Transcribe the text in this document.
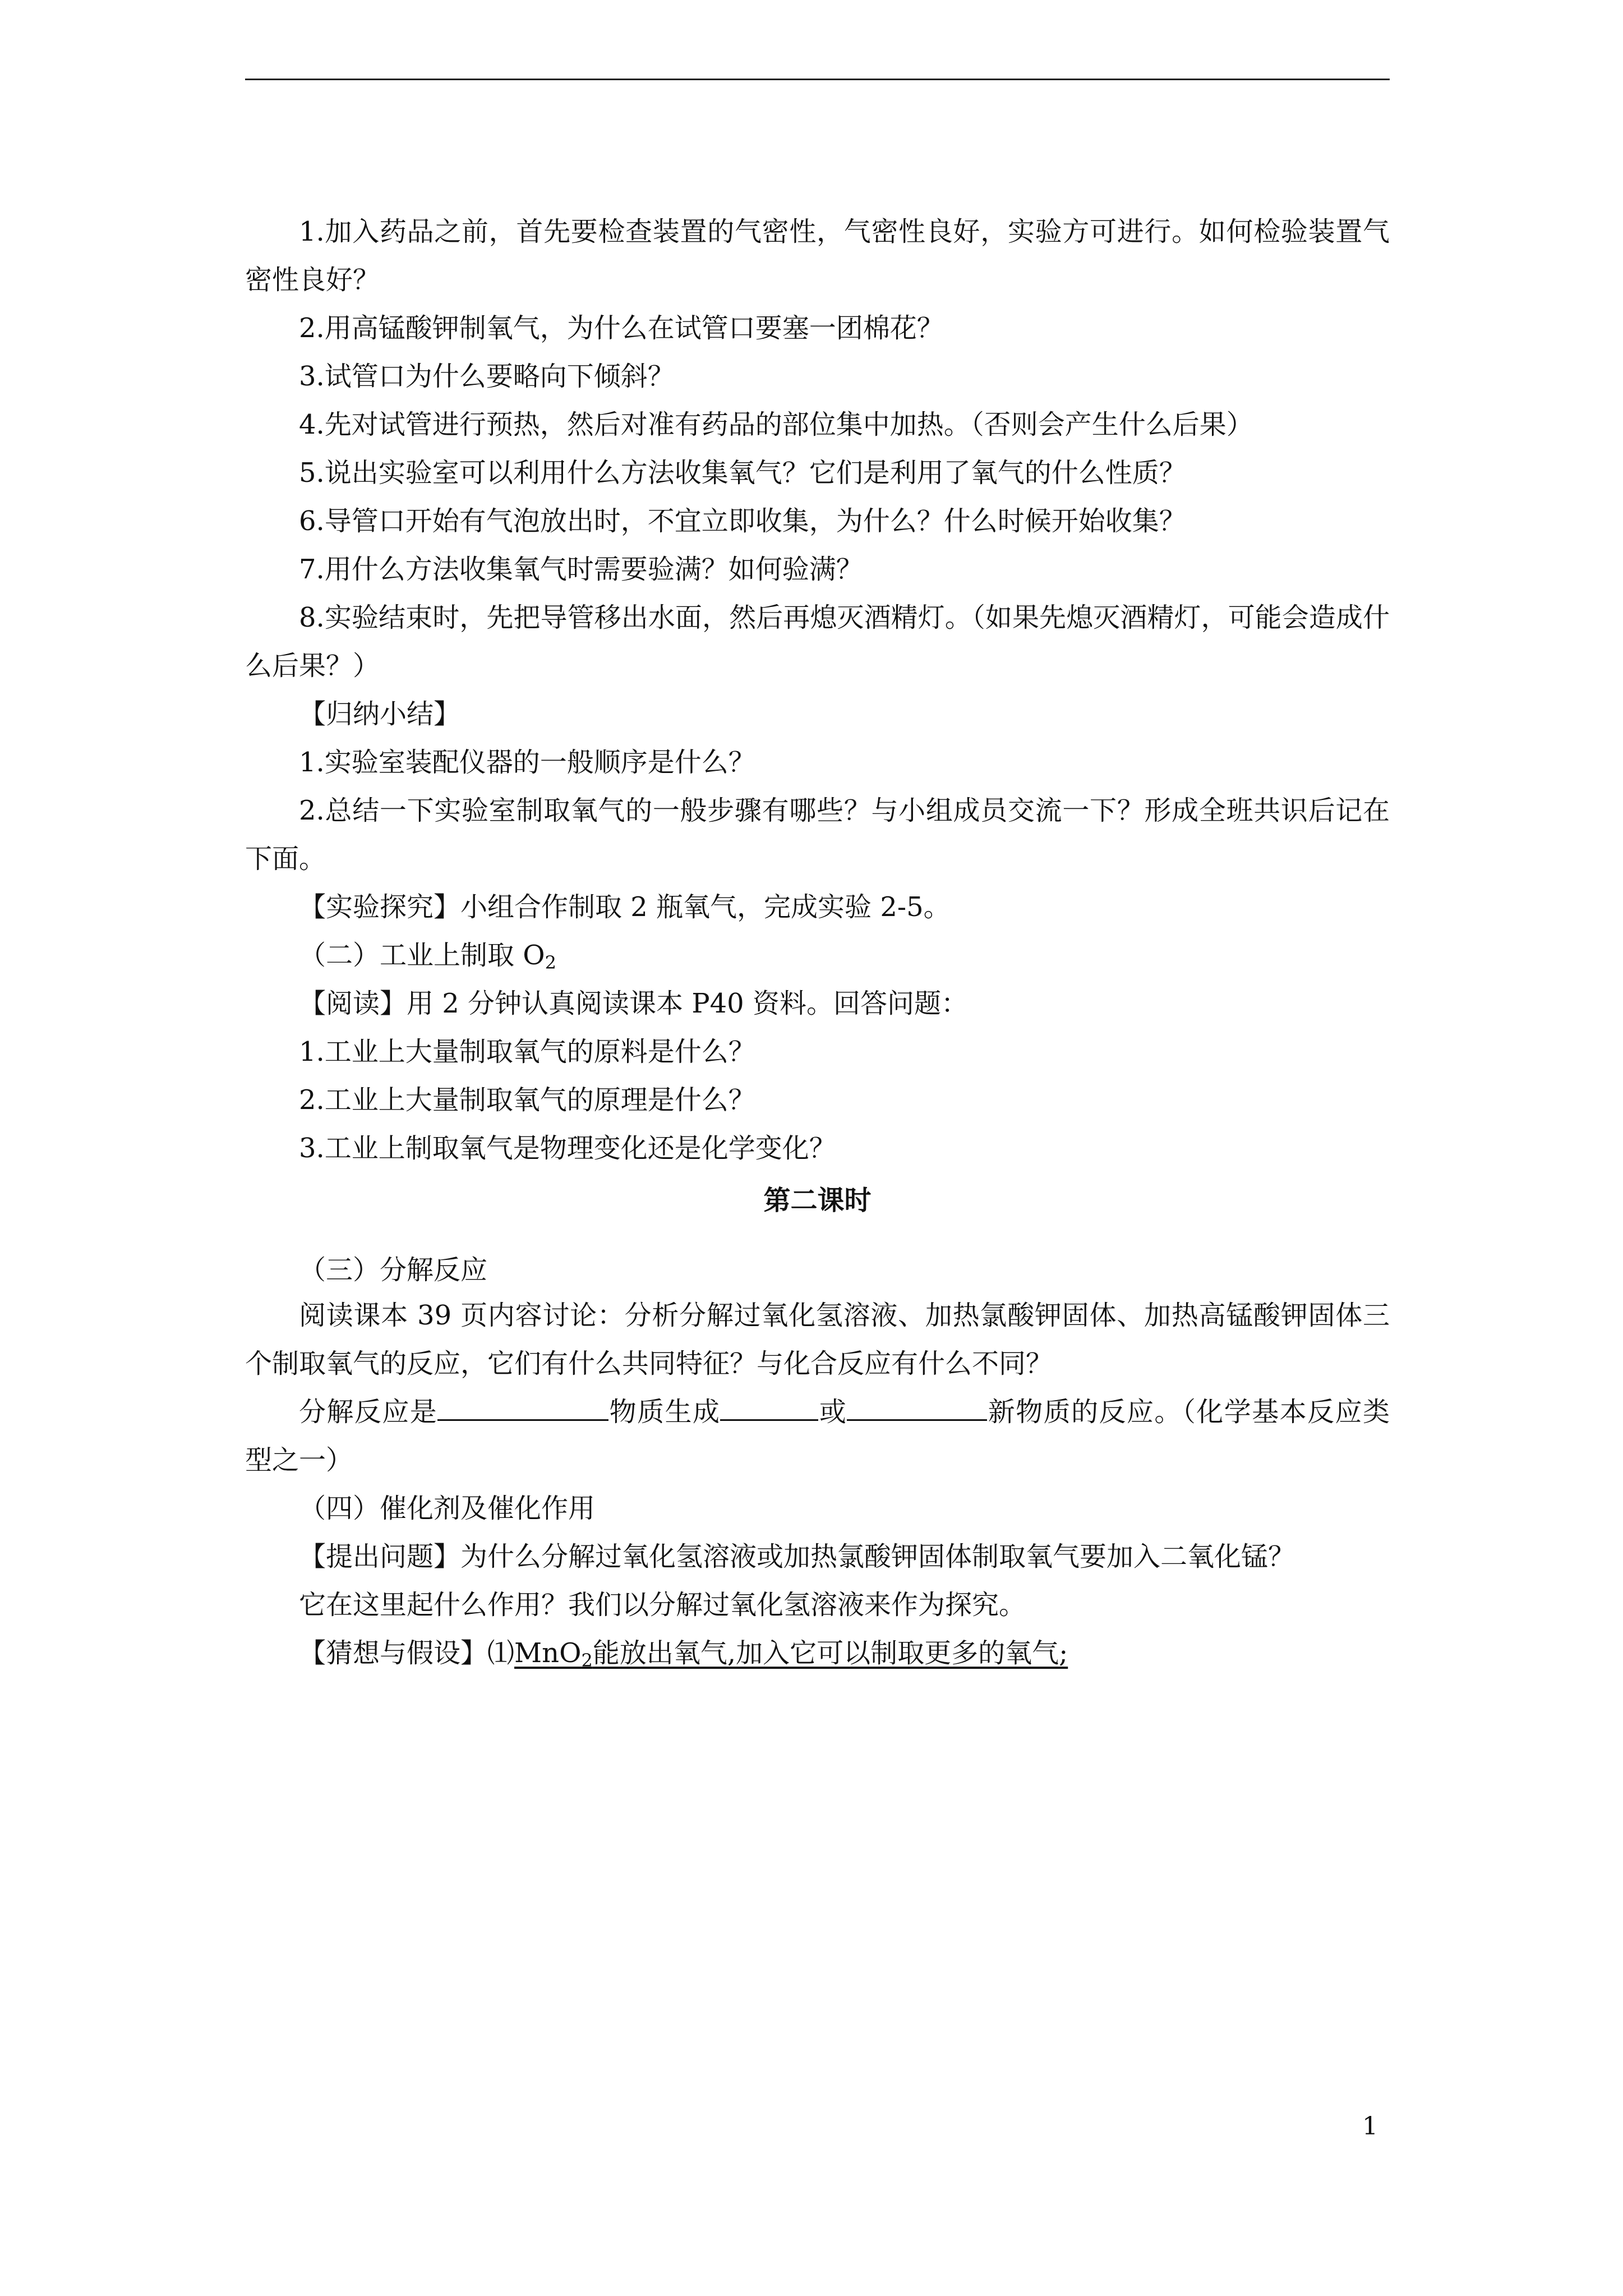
1.加入药品之前，首先要检查装置的气密性，气密性良好，实验方可进行。如何检验装置气密性良好？

2.用高锰酸钾制氧气，为什么在试管口要塞一团棉花？

3.试管口为什么要略向下倾斜？

4.先对试管进行预热，然后对准有药品的部位集中加热。（否则会产生什么后果）

5.说出实验室可以利用什么方法收集氧气？它们是利用了氧气的什么性质？

6.导管口开始有气泡放出时，不宜立即收集，为什么？什么时候开始收集？

7.用什么方法收集氧气时需要验满？如何验满？

8.实验结束时，先把导管移出水面，然后再熄灭酒精灯。（如果先熄灭酒精灯，可能会造成什么后果？）

【归纳小结】

1.实验室装配仪器的一般顺序是什么？

2.总结一下实验室制取氧气的一般步骤有哪些？与小组成员交流一下？形成全班共识后记在下面。

【实验探究】小组合作制取 2 瓶氧气，完成实验 2-5。

（二）工业上制取 $O_2$

【阅读】用 2 分钟认真阅读课本 P40 资料。回答问题：

1.工业上大量制取氧气的原料是什么？

2.工业上大量制取氧气的原理是什么？

3.工业上制取氧气是物理变化还是化学变化？

第二课时

（三）分解反应

阅读课本 39 页内容讨论：分析分解过氧化氢溶液、加热氯酸钾固体、加热高锰酸钾固体三个制取氧气的反应，它们有什么共同特征？与化合反应有什么不同？

分解反应是	物质生成	或	新物质的反应。（化学基本反应类型之一）

（四）催化剂及催化作用

【提出问题】为什么分解过氧化氢溶液或加热氯酸钾固体制取氧气要加入二氧化锰？

它在这里起什么作用？我们以分解过氧化氢溶液来作为探究。

【猜想与假设】⑴MnO$_2$能放出氧气,加入它可以制取更多的氧气;

1
